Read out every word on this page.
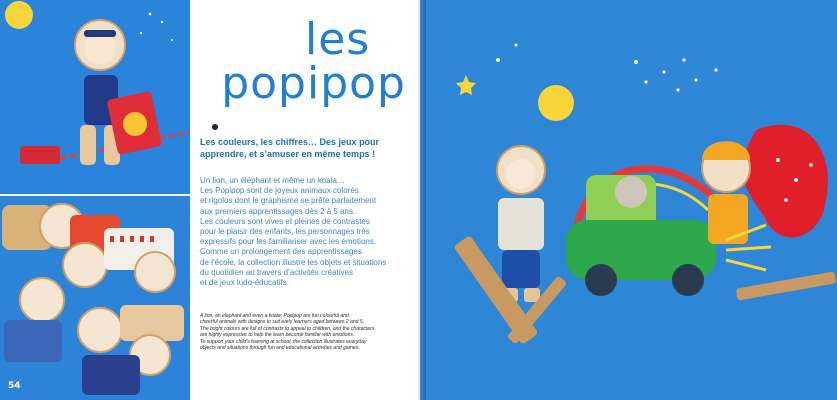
54
les
popipop

Les couleurs, les chiffres… Des jeux pour apprendre, et s’amuser en même temps !

Un lion, un éléphant et même un koala…
Les Popipop sont de joyeux animaux colorés
et rigolos dont le graphisme se prête parfaitement
aux premiers apprentissages dès 2 à 5 ans.
Les couleurs sont vives et pleines de contrastes
pour le plaisir des enfants, les personnages très
expressifs pour les familiariser avec les émotions.
Comme un prolongement des apprentissages
de l’école, la collection illustre les objets et situations
du quotidien au travers d’activités créatives
et de jeux ludo-éducatifs.
A lion, an elephant and even a koala: Popipop are fun colourful and
cheerful animals with designs to suit early learners aged between 2 and 5.
The bright colours are full of contrasts to appeal to children, and the characters
are highly expressive to help the learn become familiar with emotions.
To support your child’s learning at school, the collection illustrates everyday
objects and situations through fun and educational activities and games.
